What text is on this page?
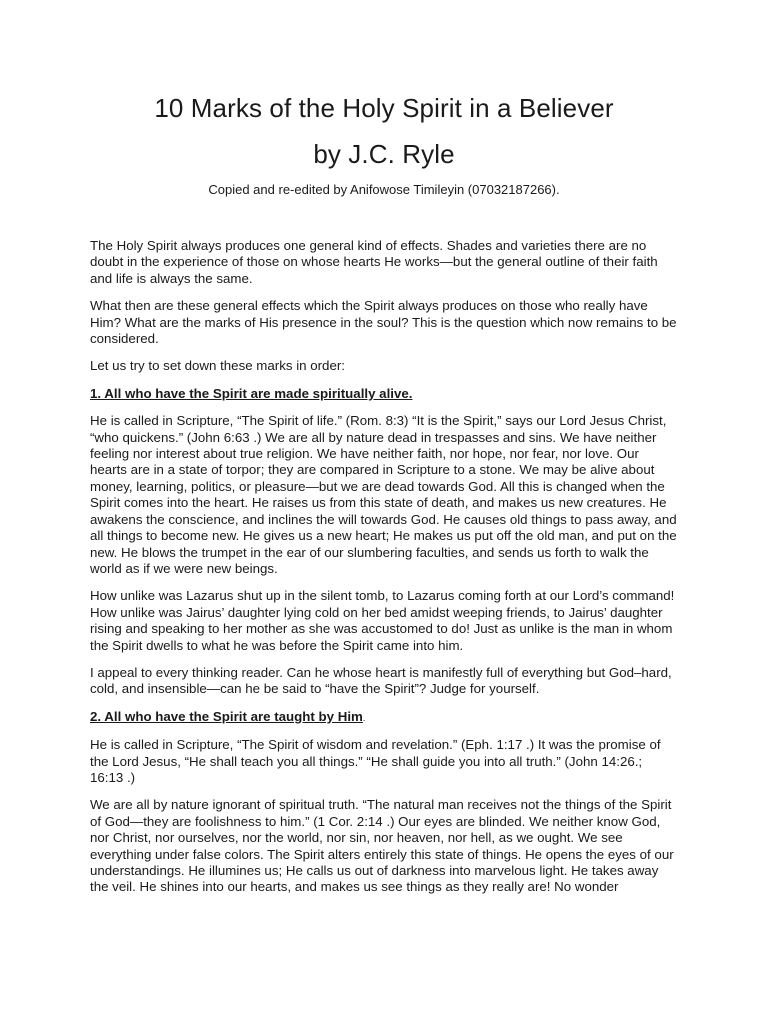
10 Marks of the Holy Spirit in a Believer
by J.C. Ryle

Copied and re-edited by Anifowose Timileyin (07032187266).

The Holy Spirit always produces one general kind of effects. Shades and varieties there are no doubt in the experience of those on whose hearts He works—but the general outline of their faith and life is always the same.

What then are these general effects which the Spirit always produces on those who really have Him? What are the marks of His presence in the soul? This is the question which now remains to be considered.

Let us try to set down these marks in order:

1. All who have the Spirit are made spiritually alive.

He is called in Scripture, “The Spirit of life.” (Rom. 8:3) “It is the Spirit,” says our Lord Jesus Christ, “who quickens.” (John 6:63 .) We are all by nature dead in trespasses and sins. We have neither feeling nor interest about true religion. We have neither faith, nor hope, nor fear, nor love. Our hearts are in a state of torpor; they are compared in Scripture to a stone. We may be alive about money, learning, politics, or pleasure—but we are dead towards God. All this is changed when the Spirit comes into the heart. He raises us from this state of death, and makes us new creatures. He awakens the conscience, and inclines the will towards God. He causes old things to pass away, and all things to become new. He gives us a new heart; He makes us put off the old man, and put on the new. He blows the trumpet in the ear of our slumbering faculties, and sends us forth to walk the world as if we were new beings.

How unlike was Lazarus shut up in the silent tomb, to Lazarus coming forth at our Lord’s command! How unlike was Jairus’ daughter lying cold on her bed amidst weeping friends, to Jairus’ daughter rising and speaking to her mother as she was accustomed to do! Just as unlike is the man in whom the Spirit dwells to what he was before the Spirit came into him.

I appeal to every thinking reader. Can he whose heart is manifestly full of everything but God–hard, cold, and insensible—can he be said to “have the Spirit”? Judge for yourself.

2. All who have the Spirit are taught by Him.

He is called in Scripture, “The Spirit of wisdom and revelation.” (Eph. 1:17 .) It was the promise of the Lord Jesus, “He shall teach you all things.” “He shall guide you into all truth.” (John 14:26.; 16:13 .)

We are all by nature ignorant of spiritual truth. “The natural man receives not the things of the Spirit of God—they are foolishness to him.” (1 Cor. 2:14 .) Our eyes are blinded. We neither know God, nor Christ, nor ourselves, nor the world, nor sin, nor heaven, nor hell, as we ought. We see everything under false colors. The Spirit alters entirely this state of things. He opens the eyes of our understandings. He illumines us; He calls us out of darkness into marvelous light. He takes away the veil. He shines into our hearts, and makes us see things as they really are! No wonder
